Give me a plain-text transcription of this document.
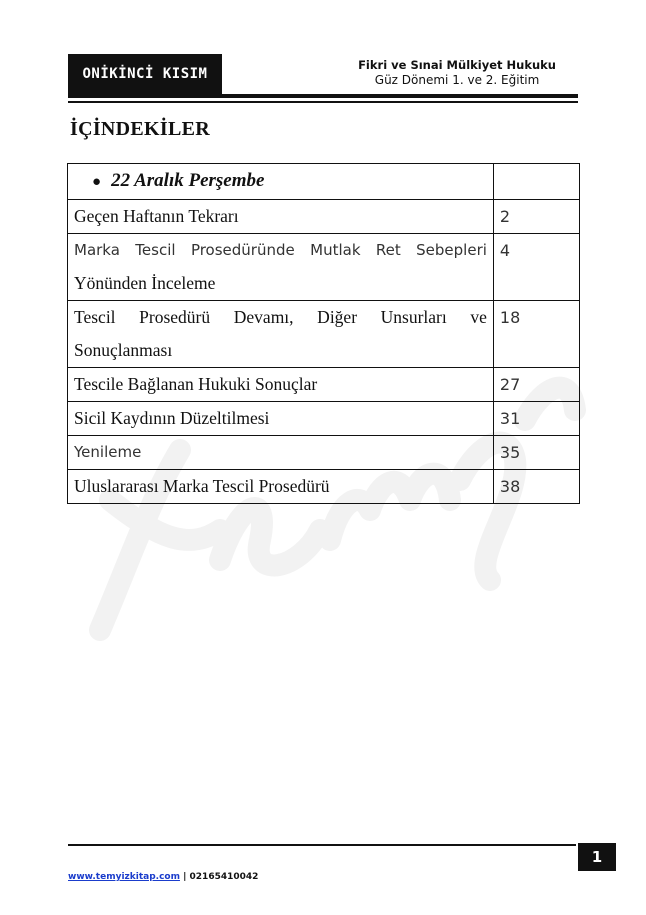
ONİKİNCİ KISIM
Fikri ve Sınai Mülkiyet Hukuku
Güz Dönemi 1. ve 2. Eğitim
İÇİNDEKİLER
● 22 Aralık Perşembe	
Geçen Haftanın Tekrarı	2

Marka Tescil Prosedüründe Mutlak Ret Sebepleri
Yönünden İnceleme	4

Tescil Prosedürü Devamı, Diğer Unsurları ve
Sonuçlanması	18
Tescile Bağlanan Hukuki Sonuçlar	27
Sicil Kaydının Düzeltilmesi	31
Yenileme	35
Uluslararası Marka Tescil Prosedürü	38
1
www.temyizkitap.com | 02165410042
